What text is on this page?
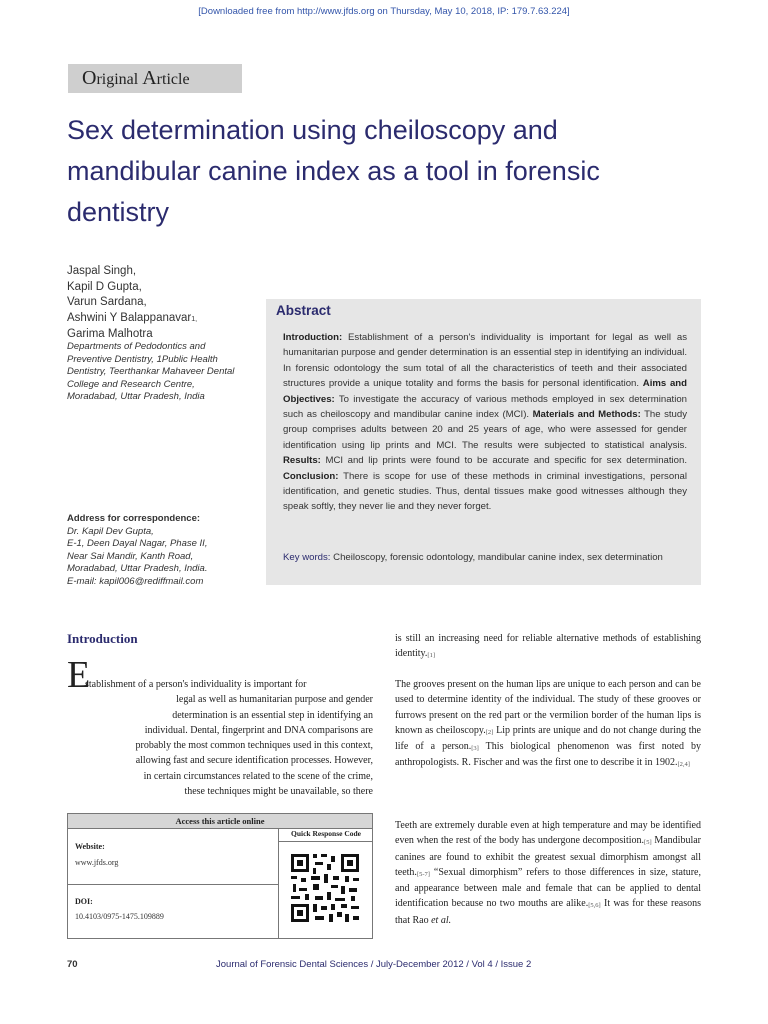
[Downloaded free from http://www.jfds.org on Thursday, May 10, 2018, IP: 179.7.63.224]
Original Article
Sex determination using cheiloscopy and mandibular canine index as a tool in forensic dentistry
Jaspal Singh,
Kapil D Gupta,
Varun Sardana,
Ashwini Y Balappanavar1,
Garima Malhotra
Departments of Pedodontics and Preventive Dentistry, 1Public Health Dentistry, Teerthankar Mahaveer Dental College and Research Centre, Moradabad, Uttar Pradesh, India
Address for correspondence:
Dr. Kapil Dev Gupta,
E-1, Deen Dayal Nagar, Phase II,
Near Sai Mandir, Kanth Road,
Moradabad, Uttar Pradesh, India.
E-mail: kapil006@rediffmail.com
Abstract
Introduction: Establishment of a person's individuality is important for legal as well as humanitarian purpose and gender determination is an essential step in identifying an individual. In forensic odontology the sum total of all the characteristics of teeth and their associated structures provide a unique totality and forms the basis for personal identification. Aims and Objectives: To investigate the accuracy of various methods employed in sex determination such as cheiloscopy and mandibular canine index (MCI). Materials and Methods: The study group comprises adults between 20 and 25 years of age, who were assessed for gender identification using lip prints and MCI. The results were subjected to statistical analysis. Results: MCI and lip prints were found to be accurate and specific for sex determination. Conclusion: There is scope for use of these methods in criminal investigations, personal identification, and genetic studies. Thus, dental tissues make good witnesses although they speak softly, they never lie and they never forget.
Key words: Cheiloscopy, forensic odontology, mandibular canine index, sex determination
Introduction
E
stablishment of a person's individuality is important for
legal as well as humanitarian purpose and gender
determination is an essential step in identifying an
individual. Dental, fingerprint and DNA comparisons are
probably the most common techniques used in this context,
allowing fast and secure identification processes. However,
in certain circumstances related to the scene of the crime,
these techniques might be unavailable, so there
Access this article online
Quick Response Code
Website:
www.jfds.org
DOI:
10.4103/0975-1475.109889
is still an increasing need for reliable alternative methods of establishing identity.[1]
The grooves present on the human lips are unique to each person and can be used to determine identity of the individual. The study of these grooves or furrows present on the red part or the vermilion border of the human lips is known as cheiloscopy.[2] Lip prints are unique and do not change during the life of a person.[3] This biological phenomenon was first noted by anthropologists. R. Fischer and was the first one to describe it in 1902.[2,4]
Teeth are extremely durable even at high temperature and may be identified even when the rest of the body has undergone decomposition.[5] Mandibular canines are found to exhibit the greatest sexual dimorphism amongst all teeth.[5-7] “Sexual dimorphism” refers to those differences in size, stature, and appearance between male and female that can be applied to dental identification because no two mouths are alike.[5,6] It was for these reasons that Rao et al.
70	Journal of Forensic Dental Sciences / July-December 2012 / Vol 4 / Issue 2
